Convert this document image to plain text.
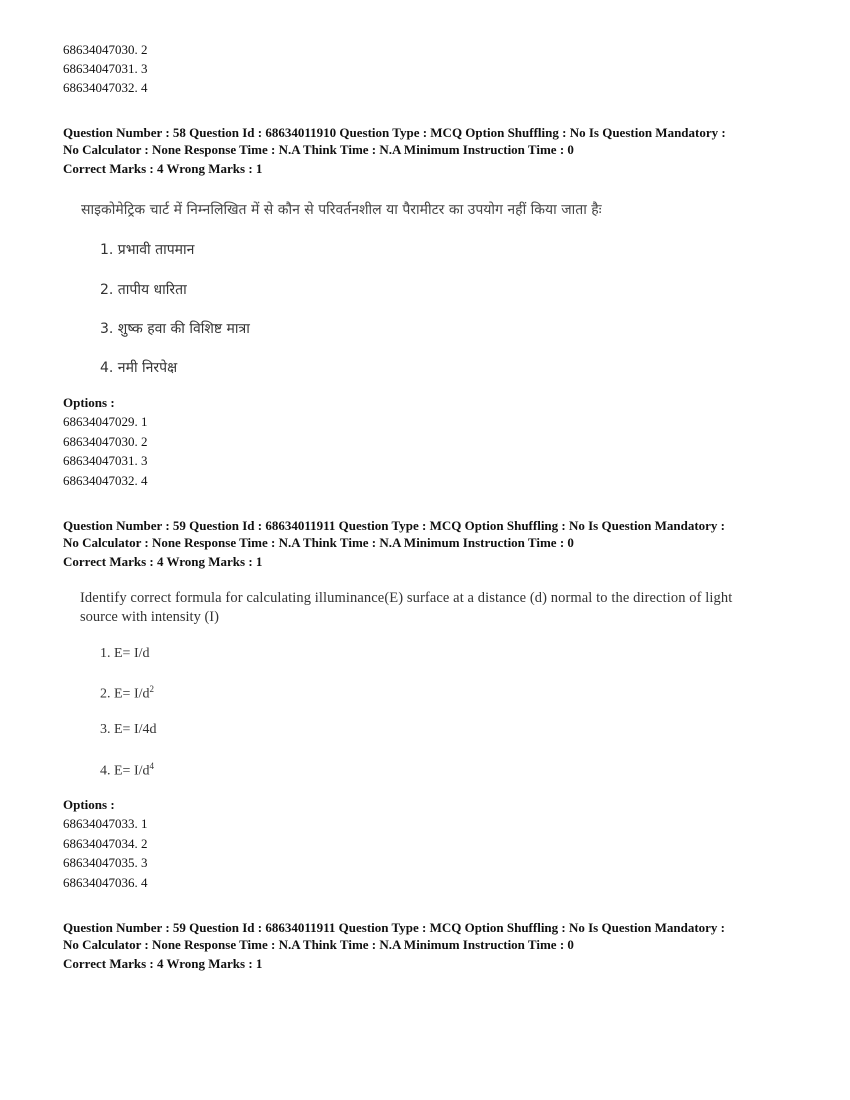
68634047030. 2
68634047031. 3
68634047032. 4
Question Number : 58 Question Id : 68634011910 Question Type : MCQ Option Shuffling : No Is Question Mandatory :
No Calculator : None Response Time : N.A Think Time : N.A Minimum Instruction Time : 0
Correct Marks : 4 Wrong Marks : 1
साइकोमेट्रिक चार्ट में निम्नलिखित में से कौन से परिवर्तनशील या पैरामीटर का उपयोग नहीं किया जाता हैः
1. प्रभावी तापमान
2. तापीय धारिता
3. शुष्क हवा की विशिष्ट मात्रा
4. नमी निरपेक्ष
Options :
68634047029. 1
68634047030. 2
68634047031. 3
68634047032. 4
Question Number : 59 Question Id : 68634011911 Question Type : MCQ Option Shuffling : No Is Question Mandatory :
No Calculator : None Response Time : N.A Think Time : N.A Minimum Instruction Time : 0
Correct Marks : 4 Wrong Marks : 1
Identify correct formula for calculating illuminance(E) surface at a distance (d) normal to the direction of light
source with intensity (I)
1. E= I/d
2. $E= I/d^2$
3. E= I/4d
4. $E= I/d^4$
Options :
68634047033. 1
68634047034. 2
68634047035. 3
68634047036. 4
Question Number : 59 Question Id : 68634011911 Question Type : MCQ Option Shuffling : No Is Question Mandatory :
No Calculator : None Response Time : N.A Think Time : N.A Minimum Instruction Time : 0
Correct Marks : 4 Wrong Marks : 1
